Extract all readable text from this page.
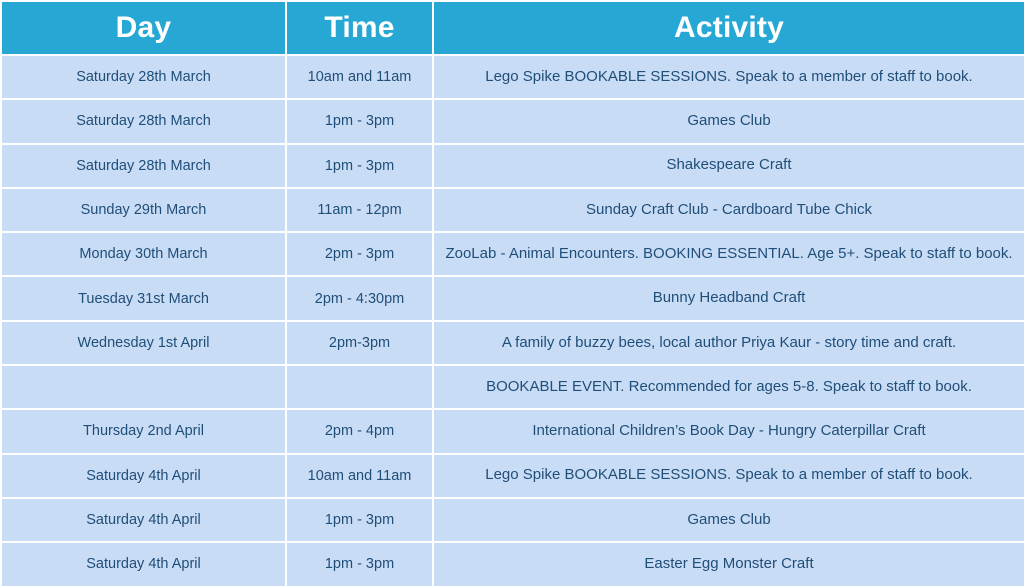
Day	Time	Activity
Saturday 28th March	10am and 11am	Lego Spike BOOKABLE SESSIONS. Speak to a member of staff to book.
Saturday 28th March	1pm - 3pm	Games Club
Saturday 28th March	1pm - 3pm	Shakespeare Craft
Sunday 29th March	11am - 12pm	Sunday Craft Club - Cardboard Tube Chick
Monday 30th March	2pm - 3pm	ZooLab - Animal Encounters. BOOKING ESSENTIAL. Age 5+. Speak to staff to book.
Tuesday 31st March	2pm - 4:30pm	Bunny Headband Craft
Wednesday 1st April	2pm-3pm	A family of buzzy bees, local author Priya Kaur - story time and craft.
		BOOKABLE EVENT. Recommended for ages 5-8. Speak to staff to book.
Thursday 2nd April	2pm - 4pm	International Children’s Book Day - Hungry Caterpillar Craft
Saturday 4th April	10am and 11am	Lego Spike BOOKABLE SESSIONS. Speak to a member of staff to book.
Saturday 4th April	1pm - 3pm	Games Club
Saturday 4th April	1pm - 3pm	Easter Egg Monster Craft
